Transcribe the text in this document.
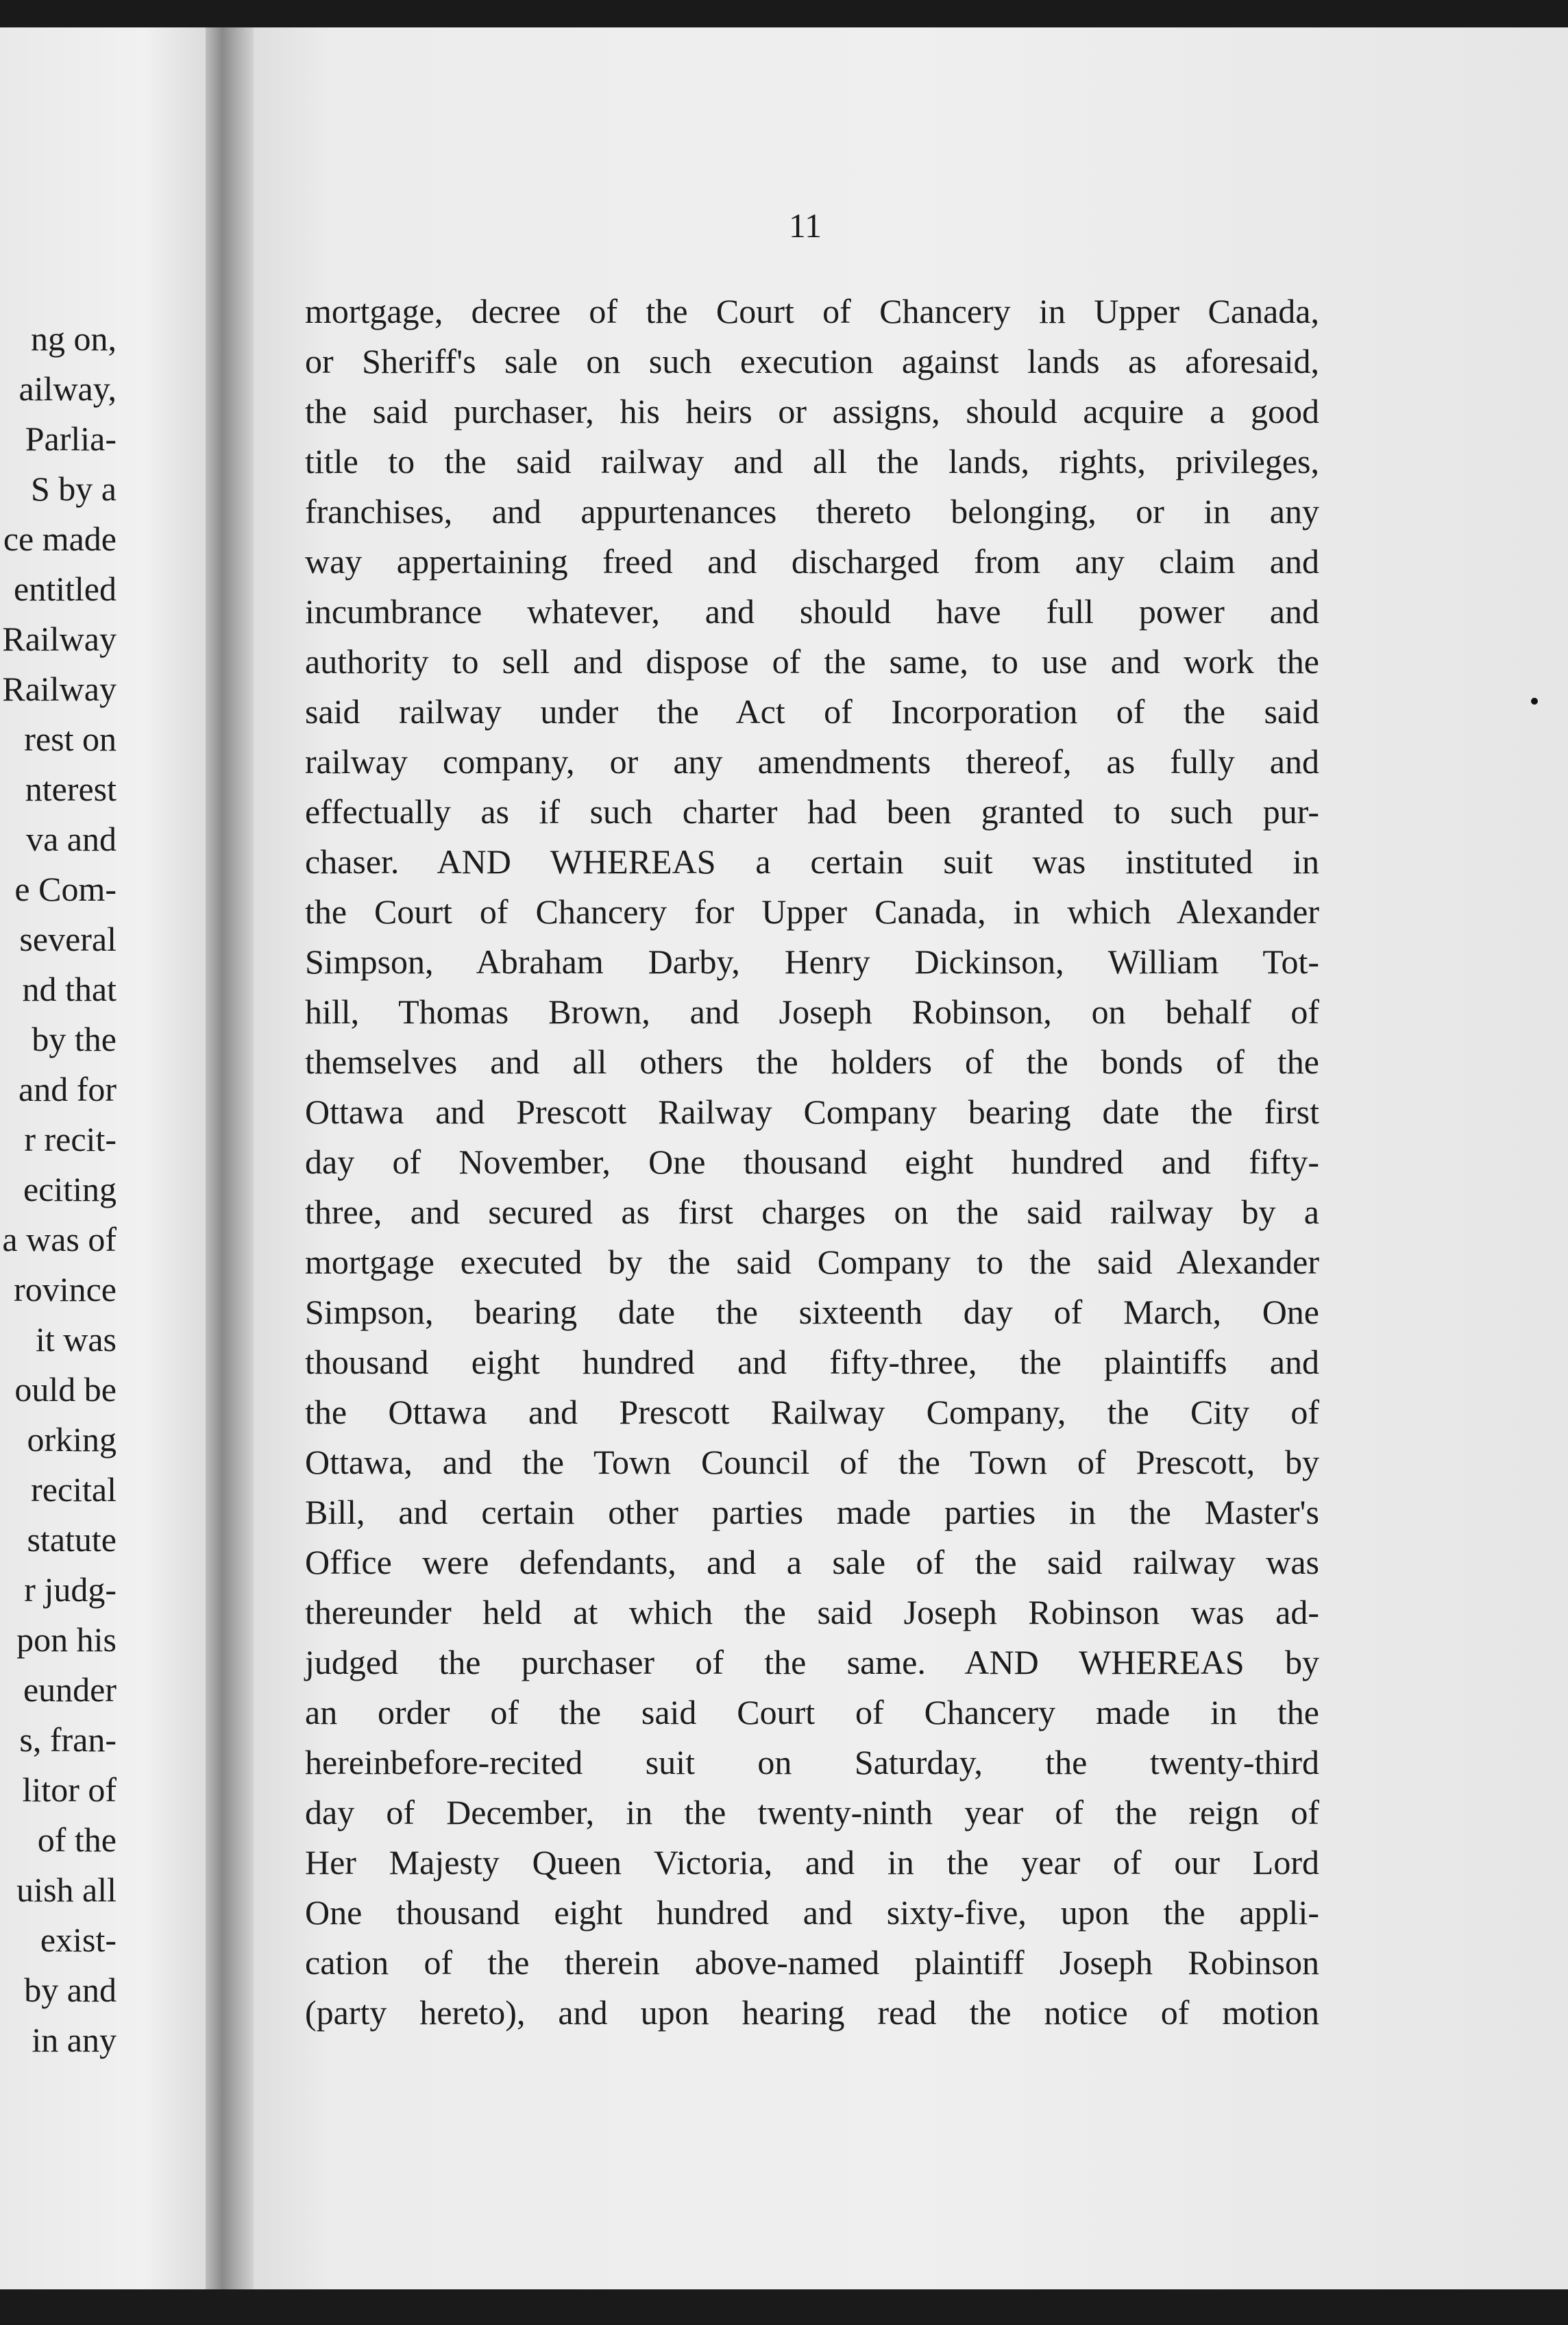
ng on,
ailway,
Parlia-
S by a
ce made
entitled
Railway
Railway
rest on
nterest
va and
e Com-
several
nd that
by the
and for
r recit-
eciting
a was of
rovince
it was
ould be
orking
recital
statute
r judg-
pon his
eunder
s, fran-
litor of
of the
uish all
exist-
by and
in any
11
mortgage, decree of the Court of Chancery in Upper Canada,
or Sheriff's sale on such execution against lands as aforesaid,
the said purchaser, his heirs or assigns, should acquire a good
title to the said railway and all the lands, rights, privileges,
franchises, and appurtenances thereto belonging, or in any
way appertaining freed and discharged from any claim and
incumbrance whatever, and should have full power and
authority to sell and dispose of the same, to use and work the
said railway under the Act of Incorporation of the said
railway company, or any amendments thereof, as fully and
effectually as if such charter had been granted to such pur-
chaser. AND WHEREAS a certain suit was instituted in
the Court of Chancery for Upper Canada, in which Alexander
Simpson, Abraham Darby, Henry Dickinson, William Tot-
hill, Thomas Brown, and Joseph Robinson, on behalf of
themselves and all others the holders of the bonds of the
Ottawa and Prescott Railway Company bearing date the first
day of November, One thousand eight hundred and fifty-
three, and secured as first charges on the said railway by a
mortgage executed by the said Company to the said Alexander
Simpson, bearing date the sixteenth day of March, One
thousand eight hundred and fifty-three, the plaintiffs and
the Ottawa and Prescott Railway Company, the City of
Ottawa, and the Town Council of the Town of Prescott, by
Bill, and certain other parties made parties in the Master's
Office were defendants, and a sale of the said railway was
thereunder held at which the said Joseph Robinson was ad-
judged the purchaser of the same. AND WHEREAS by
an order of the said Court of Chancery made in the
hereinbefore-recited suit on Saturday, the twenty-third
day of December, in the twenty-ninth year of the reign of
Her Majesty Queen Victoria, and in the year of our Lord
One thousand eight hundred and sixty-five, upon the appli-
cation of the therein above-named plaintiff Joseph Robinson
(party hereto), and upon hearing read the notice of motion
